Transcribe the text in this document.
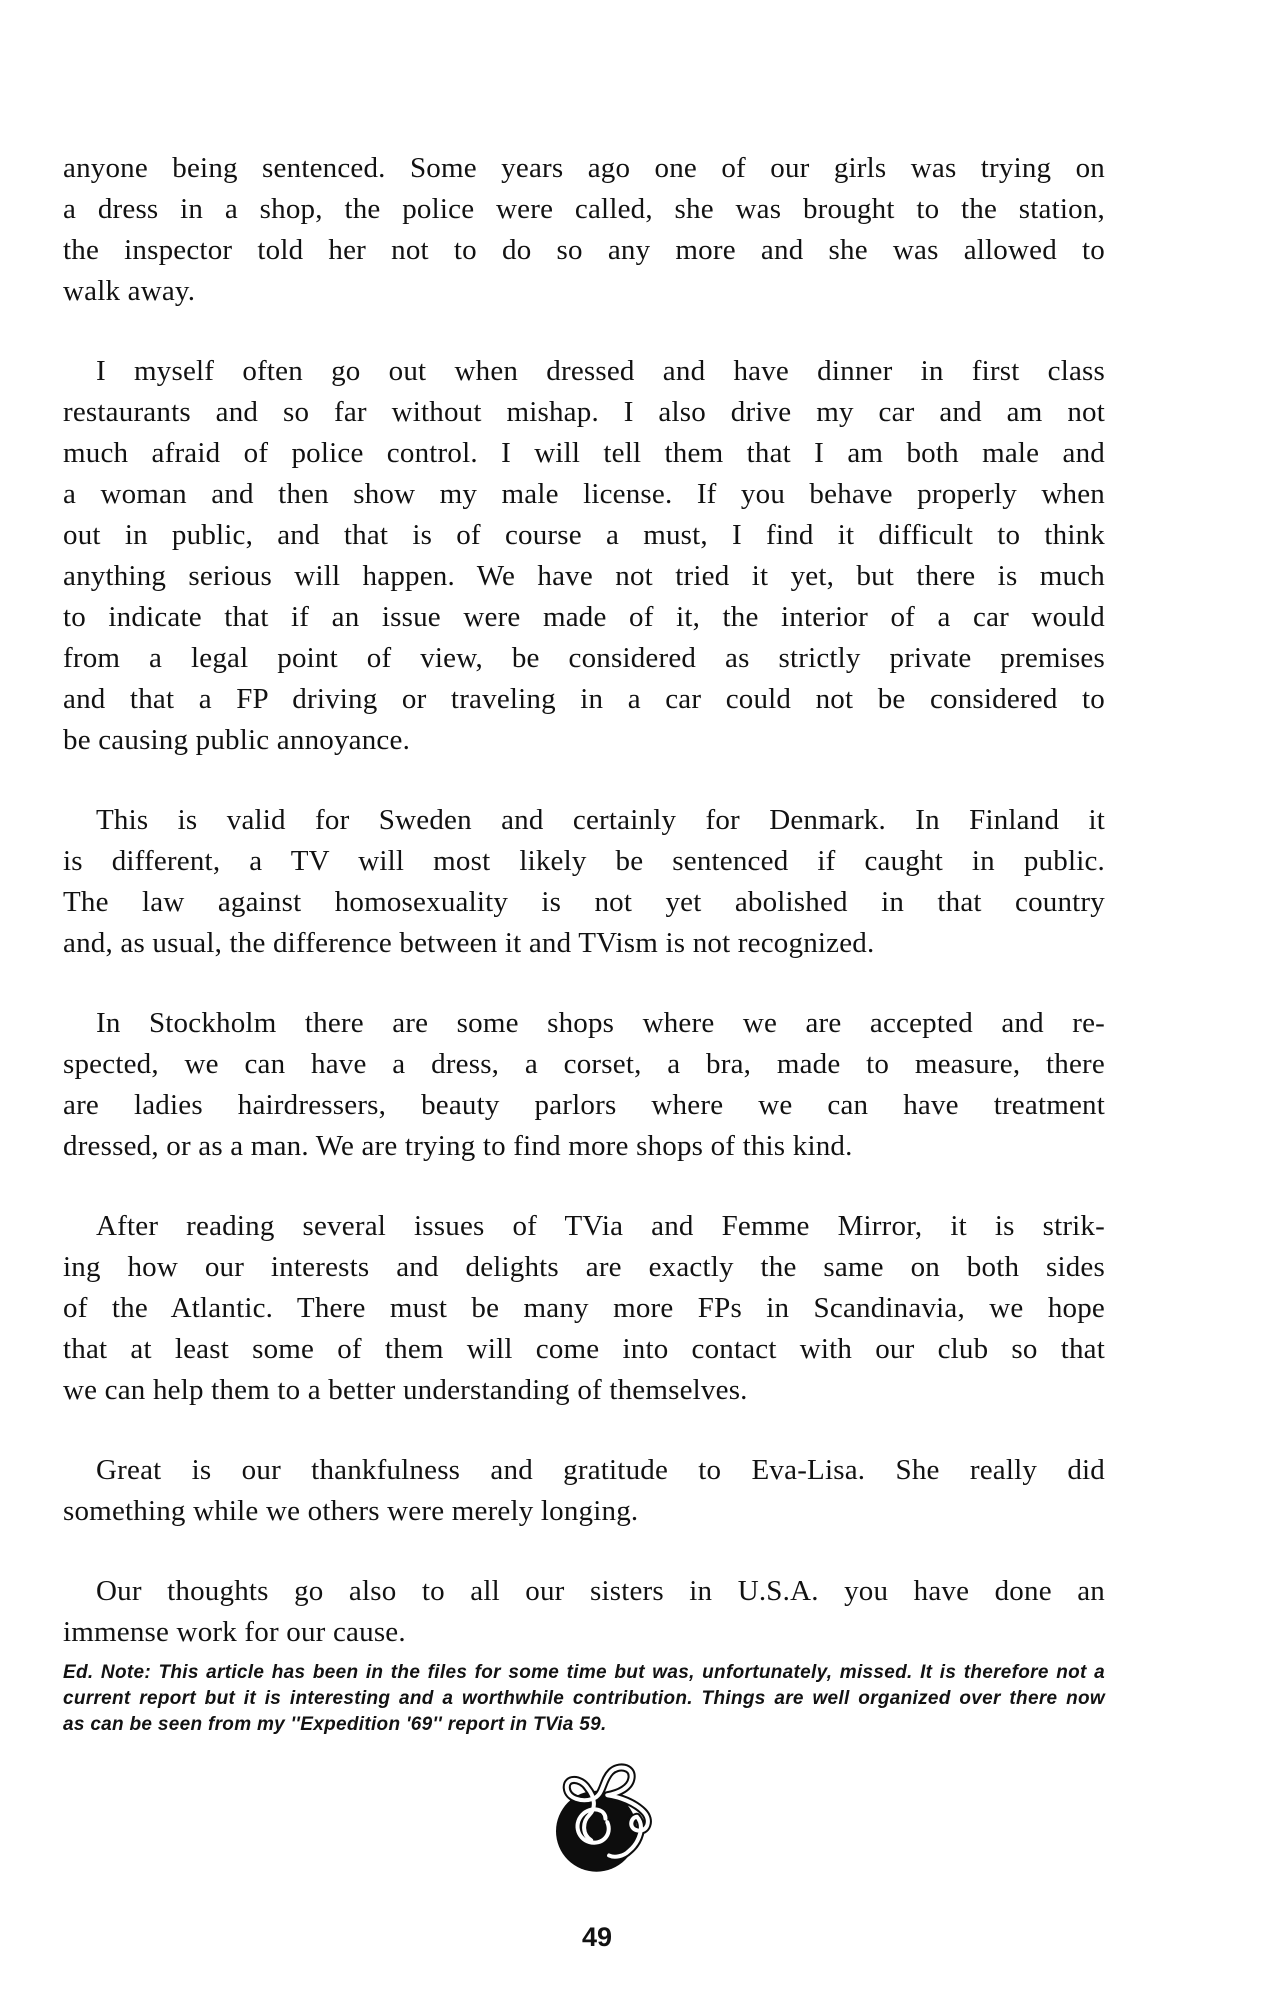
anyone being sentenced. Some years ago one of our girls was trying on
a dress in a shop, the police were called, she was brought to the station,
the inspector told her not to do so any more and she was allowed to
walk away.
I myself often go out when dressed and have dinner in first class
restaurants and so far without mishap. I also drive my car and am not
much afraid of police control. I will tell them that I am both male and
a woman and then show my male license. If you behave properly when
out in public, and that is of course a must, I find it difficult to think
anything serious will happen. We have not tried it yet, but there is much
to indicate that if an issue were made of it, the interior of a car would
from a legal point of view, be considered as strictly private premises
and that a FP driving or traveling in a car could not be considered to
be causing public annoyance.
This is valid for Sweden and certainly for Denmark. In Finland it
is different, a TV will most likely be sentenced if caught in public.
The law against homosexuality is not yet abolished in that country
and, as usual, the difference between it and TVism is not recognized.
In Stockholm there are some shops where we are accepted and re-
spected, we can have a dress, a corset, a bra, made to measure, there
are ladies hairdressers, beauty parlors where we can have treatment
dressed, or as a man. We are trying to find more shops of this kind.
After reading several issues of TVia and Femme Mirror, it is strik-
ing how our interests and delights are exactly the same on both sides
of the Atlantic. There must be many more FPs in Scandinavia, we hope
that at least some of them will come into contact with our club so that
we can help them to a better understanding of themselves.
Great is our thankfulness and gratitude to Eva-Lisa. She really did
something while we others were merely longing.
Our thoughts go also to all our sisters in U.S.A. you have done an
immense work for our cause.
Ed. Note: This article has been in the files for some time but was, unfortunately, missed. It is therefore not a
current report but it is interesting and a worthwhile contribution. Things are well organized over there now
as can be seen from my ''Expedition '69'' report in TVia 59.
49
